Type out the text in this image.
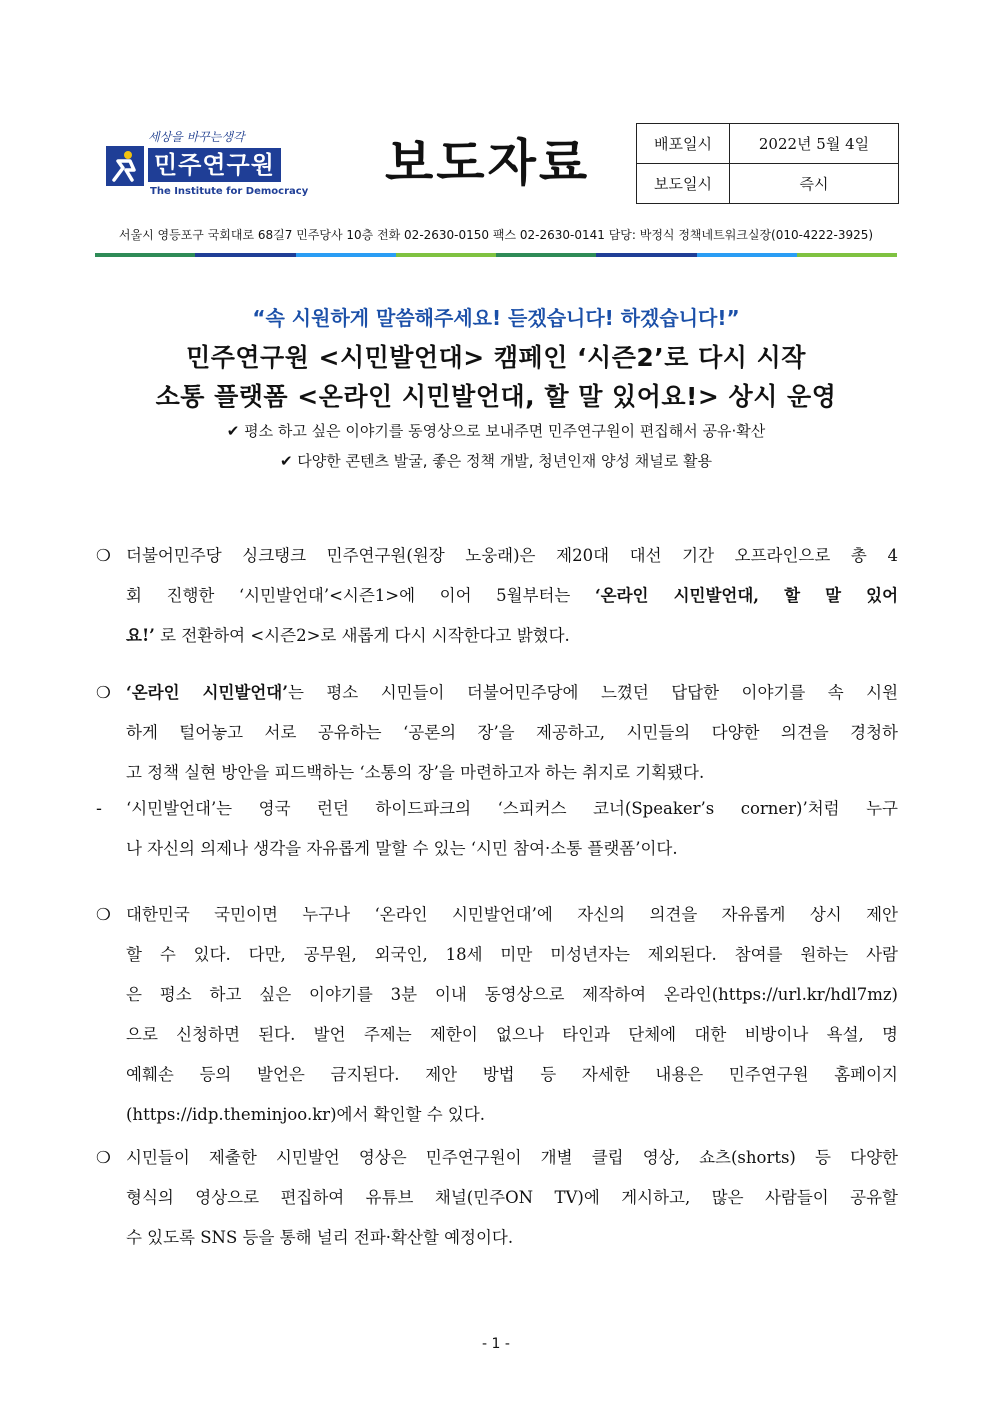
세상을 바꾸는생각
민주연구원
The Institute for Democracy 보도자료	배포일시	2022년 5월 4일
보도일시	즉시
서울시 영등포구 국회대로 68길7 민주당사 10층 전화 02-2630-0150 팩스 02-2630-0141 담당: 박정식 정책네트워크실장(010-4222-3925)
“속 시원하게 말씀해주세요! 듣겠습니다! 하겠습니다!”
민주연구원 <시민발언대> 캠페인 ‘시즌2’로 다시 시작
소통 플랫폼 <온라인 시민발언대, 할 말 있어요!> 상시 운영
✔ 평소 하고 싶은 이야기를 동영상으로 보내주면 민주연구원이 편집해서 공유·확산
✔ 다양한 콘텐츠 발굴, 좋은 정책 개발, 청년인재 양성 채널로 활용
❍ 더불어민주당 싱크탱크 민주연구원(원장 노웅래)은 제20대 대선 기간 오프라인으로 총 4
회 진행한 ‘시민발언대’<시즌1>에 이어 5월부터는 ‘온라인 시민발언대, 할 말 있어
요!’ 로 전환하여 <시즌2>로 새롭게 다시 시작한다고 밝혔다.
❍ ‘온라인 시민발언대’는 평소 시민들이 더불어민주당에 느꼈던 답답한 이야기를 속 시원
하게 털어놓고 서로 공유하는 ‘공론의 장’을 제공하고, 시민들의 다양한 의견을 경청하
고 정책 실현 방안을 피드백하는 ‘소통의 장’을 마련하고자 하는 취지로 기획됐다.
- ‘시민발언대’는 영국 런던 하이드파크의 ‘스피커스 코너(Speaker’s corner)’처럼 누구
나 자신의 의제나 생각을 자유롭게 말할 수 있는 ‘시민 참여·소통 플랫폼’이다.
❍ 대한민국 국민이면 누구나 ‘온라인 시민발언대’에 자신의 의견을 자유롭게 상시 제안
할 수 있다. 다만, 공무원, 외국인, 18세 미만 미성년자는 제외된다. 참여를 원하는 사람
은 평소 하고 싶은 이야기를 3분 이내 동영상으로 제작하여 온라인(https://url.kr/hdl7mz)
으로 신청하면 된다. 발언 주제는 제한이 없으나 타인과 단체에 대한 비방이나 욕설, 명
예훼손 등의 발언은 금지된다. 제안 방법 등 자세한 내용은 민주연구원 홈페이지
(https://idp.theminjoo.kr)에서 확인할 수 있다.
❍ 시민들이 제출한 시민발언 영상은 민주연구원이 개별 클립 영상, 쇼츠(shorts) 등 다양한
형식의 영상으로 편집하여 유튜브 채널(민주ON TV)에 게시하고, 많은 사람들이 공유할
수 있도록 SNS 등을 통해 널리 전파·확산할 예정이다.
- 1 -
